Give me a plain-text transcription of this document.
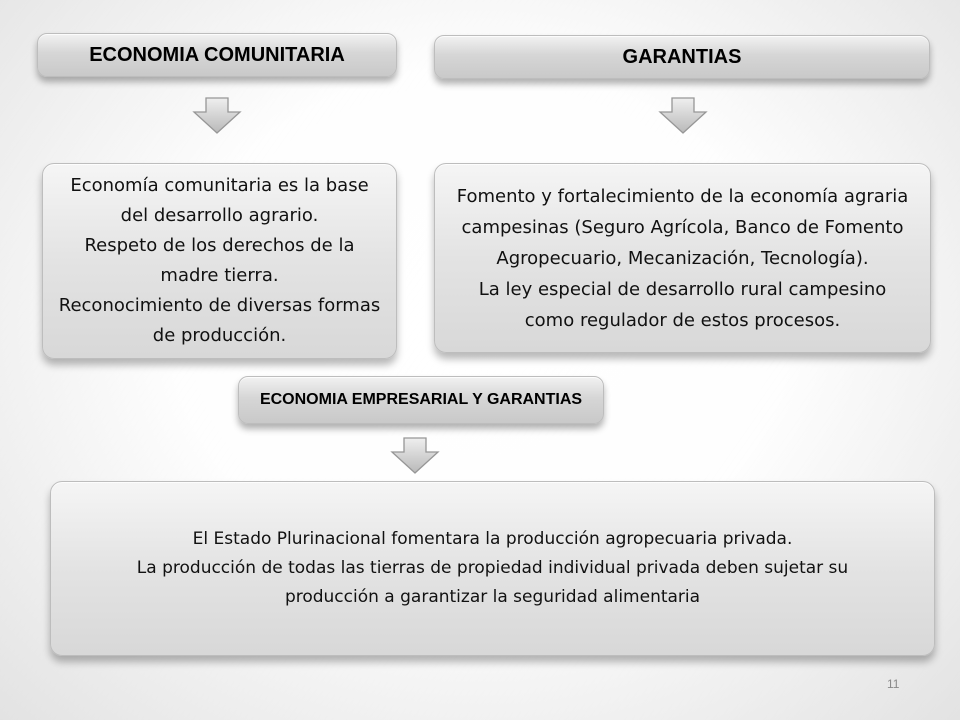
ECONOMIA COMUNITARIA	GARANTIAS
Economía comunitaria es la base
del desarrollo agrario.
Respeto de los derechos de la
madre tierra.
Reconocimiento de diversas formas
de producción.
Fomento y fortalecimiento de la economía agraria
campesinas (Seguro Agrícola, Banco de Fomento
Agropecuario, Mecanización, Tecnología).
La ley especial de desarrollo rural campesino
como regulador de estos procesos.
ECONOMIA EMPRESARIAL Y GARANTIAS
El Estado Plurinacional fomentara la producción agropecuaria privada.
La producción de todas las tierras de propiedad individual privada deben sujetar su
producción a garantizar la seguridad alimentaria
11
